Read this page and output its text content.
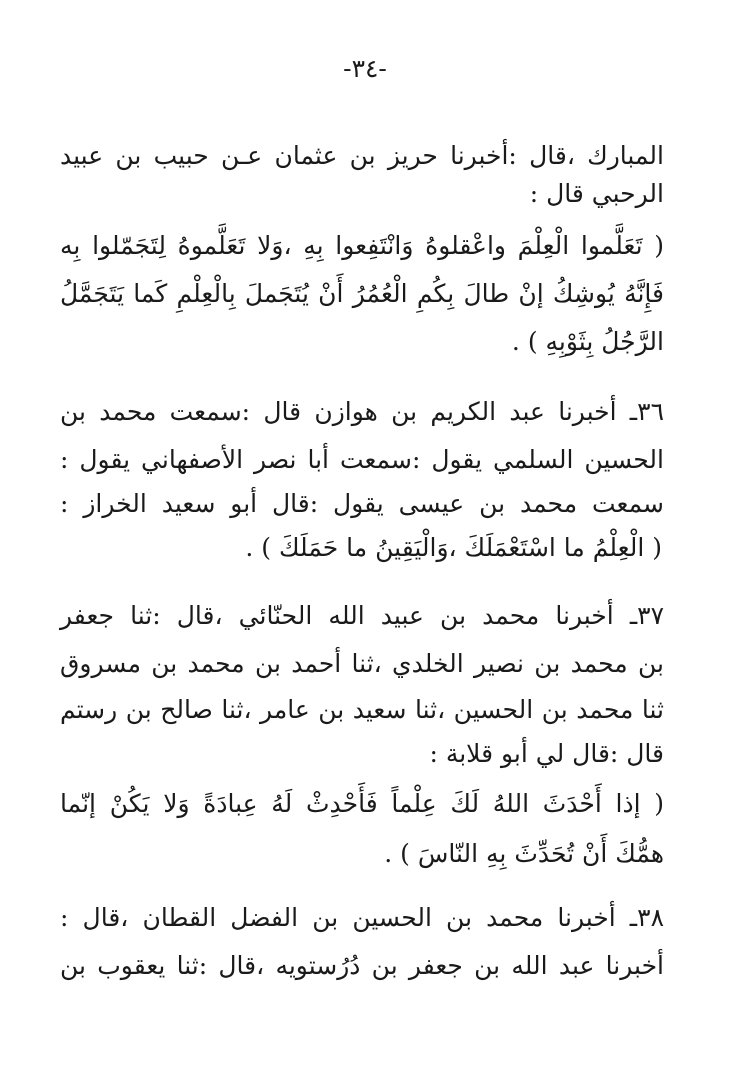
-٣٤-
المبارك ،قال :أخبرنا حريز بن عثمان عـن حبيب بن عبيد
الرحبي قال :
( تَعَلَّموا الْعِلْمَ واعْقلوهُ وَانْتَفِعوا بِهِ ،وَلا تَعَلَّموهُ لِتَجَمّلوا بِه
فَإِنَّهُ يُوشِكُ إنْ طالَ بِكُمِ الْعُمُرُ أَنْ يُتَجَملَ بِالْعِلْمِ كَما يَتَجَمَّلُ
الرَّجُلُ بِثَوْبِهِ ) .
٣٦ـ أخبرنا عبد الكريم بن هوازن قال :سمعت محمد بن
الحسين السلمي يقول :سمعت أبا نصر الأصفهاني يقول :
سمعت محمد بن عيسى يقول :قال أبو سعيد الخراز :
( الْعِلْمُ ما اسْتَعْمَلَكَ ،وَالْيَقِينُ ما حَمَلَكَ ) .
٣٧ـ أخبرنا محمد بن عبيد الله الحنّائي ،قال :ثنا جعفر
بن محمد بن نصير الخلدي ،ثنا أحمد بن محمد بن مسروق
ثنا محمد بن الحسين ،ثنا سعيد بن عامر ،ثنا صالح بن رستم
قال :قال لي أبو قلابة :
( إذا أَحْدَثَ اللهُ لَكَ عِلْماً فَأَحْدِثْ لَهُ عِبادَةً وَلا يَكُنْ إنّما
همُّكَ أَنْ تُحَدِّثَ بِهِ النّاسَ ) .
٣٨ـ أخبرنا محمد بن الحسين بن الفضل القطان ،قال :
أخبرنا عبد الله بن جعفر بن دُرُستويه ،قال :ثنا يعقوب بن
